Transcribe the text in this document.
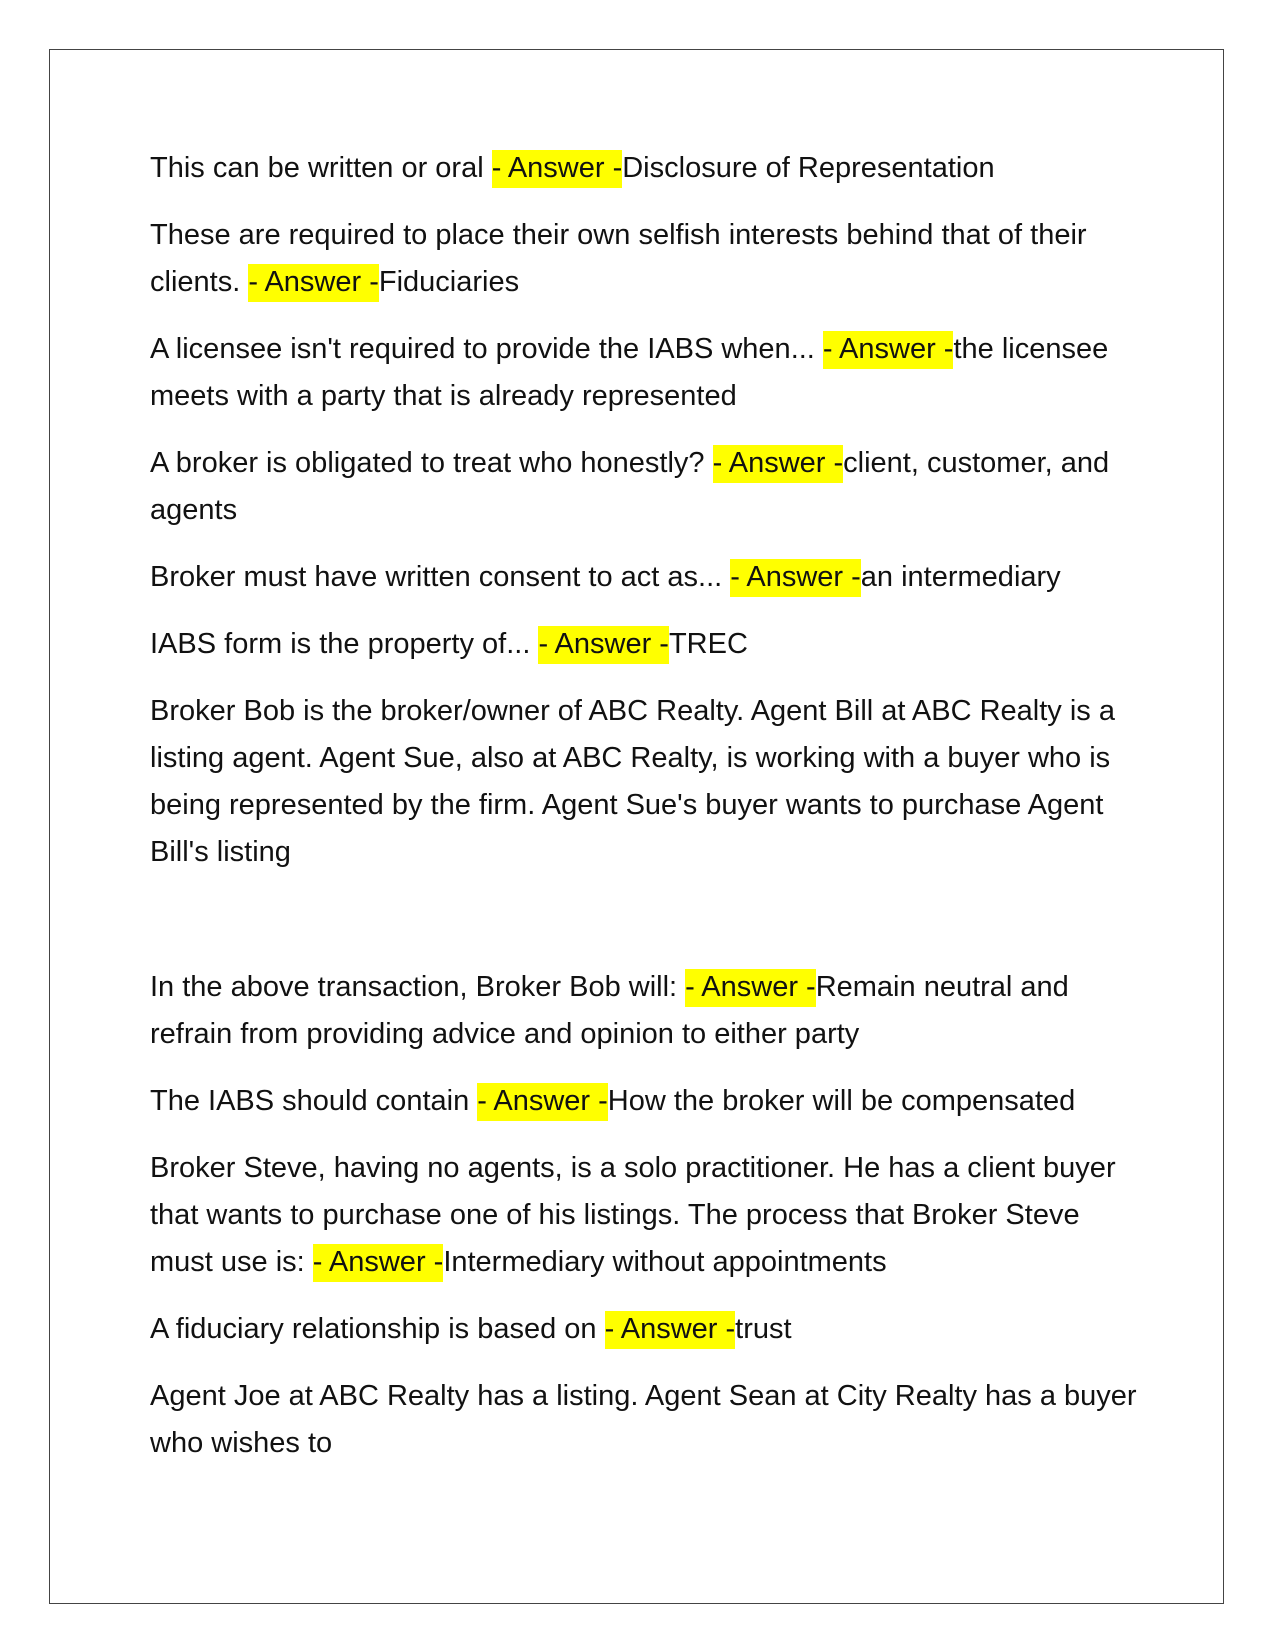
This can be written or oral - Answer -Disclosure of Representation

These are required to place their own selfish interests behind that of their clients. - Answer -Fiduciaries

A licensee isn't required to provide the IABS when... - Answer -the licensee meets with a party that is already represented

A broker is obligated to treat who honestly? - Answer -client, customer, and agents

Broker must have written consent to act as... - Answer -an intermediary

IABS form is the property of... - Answer -TREC

Broker Bob is the broker/owner of ABC Realty. Agent Bill at ABC Realty is a listing agent. Agent Sue, also at ABC Realty, is working with a buyer who is being represented by the firm. Agent Sue's buyer wants to purchase Agent Bill's listing

In the above transaction, Broker Bob will: - Answer -Remain neutral and refrain from providing advice and opinion to either party

The IABS should contain - Answer -How the broker will be compensated

Broker Steve, having no agents, is a solo practitioner. He has a client buyer that wants to purchase one of his listings. The process that Broker Steve must use is: - Answer -Intermediary without appointments

A fiduciary relationship is based on - Answer -trust

Agent Joe at ABC Realty has a listing. Agent Sean at City Realty has a buyer who wishes to
